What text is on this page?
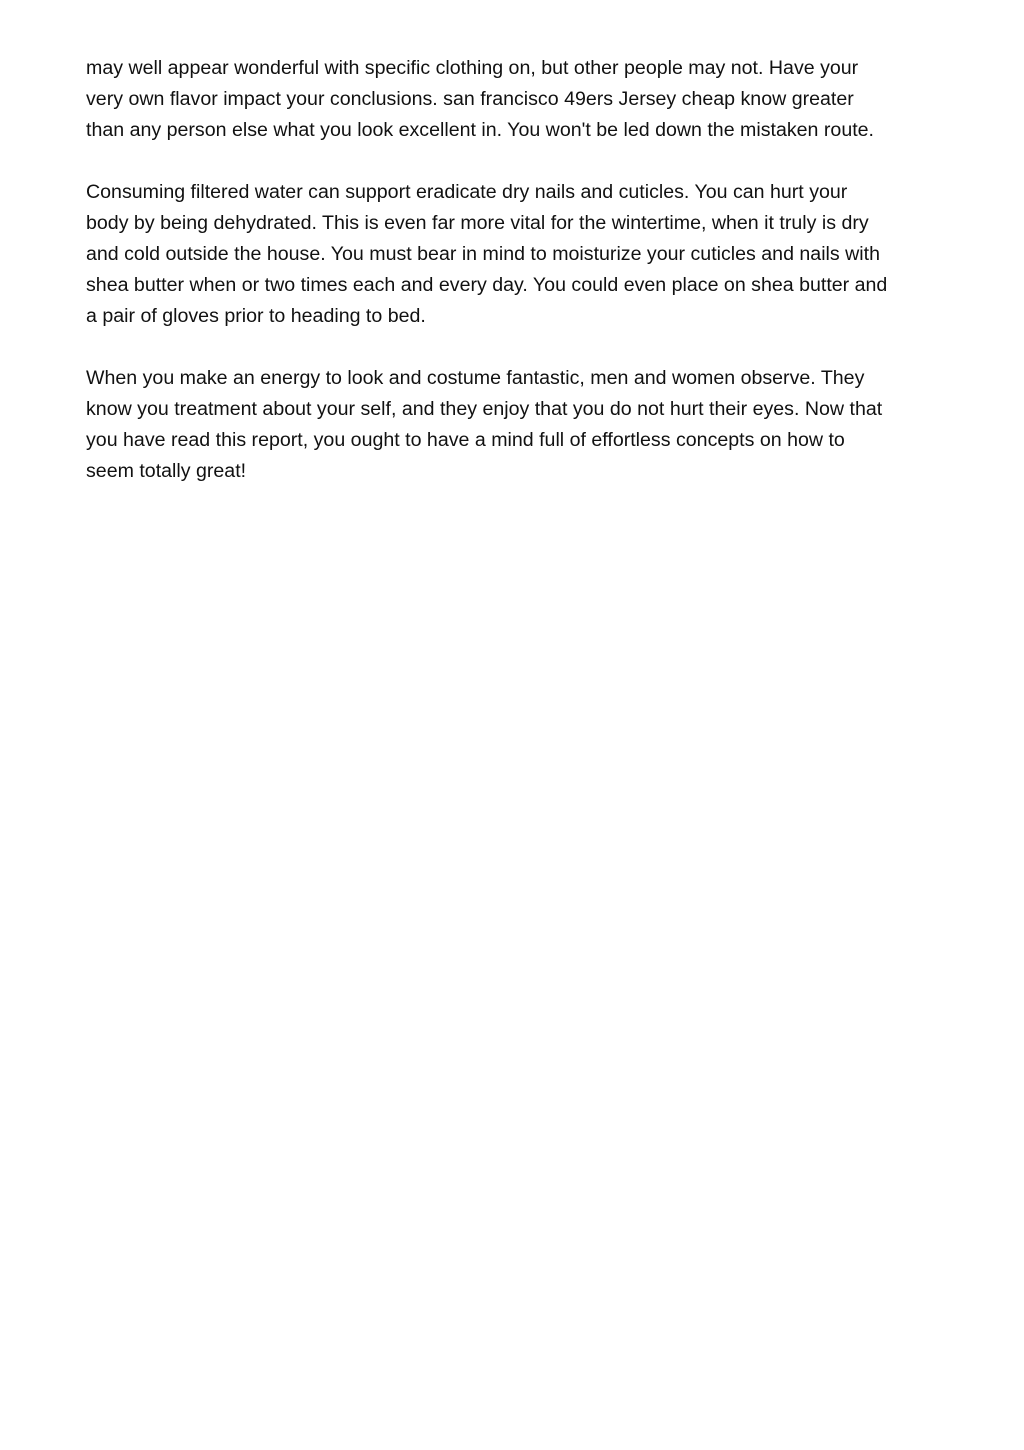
may well appear wonderful with specific clothing on, but other people may not. Have your
very own flavor impact your conclusions. san francisco 49ers Jersey cheap know greater
than any person else what you look excellent in. You won't be led down the mistaken route.

Consuming filtered water can support eradicate dry nails and cuticles. You can hurt your
body by being dehydrated. This is even far more vital for the wintertime, when it truly is dry
and cold outside the house. You must bear in mind to moisturize your cuticles and nails with
shea butter when or two times each and every day. You could even place on shea butter and
a pair of gloves prior to heading to bed.

When you make an energy to look and costume fantastic, men and women observe. They
know you treatment about your self, and they enjoy that you do not hurt their eyes. Now that
you have read this report, you ought to have a mind full of effortless concepts on how to
seem totally great!
